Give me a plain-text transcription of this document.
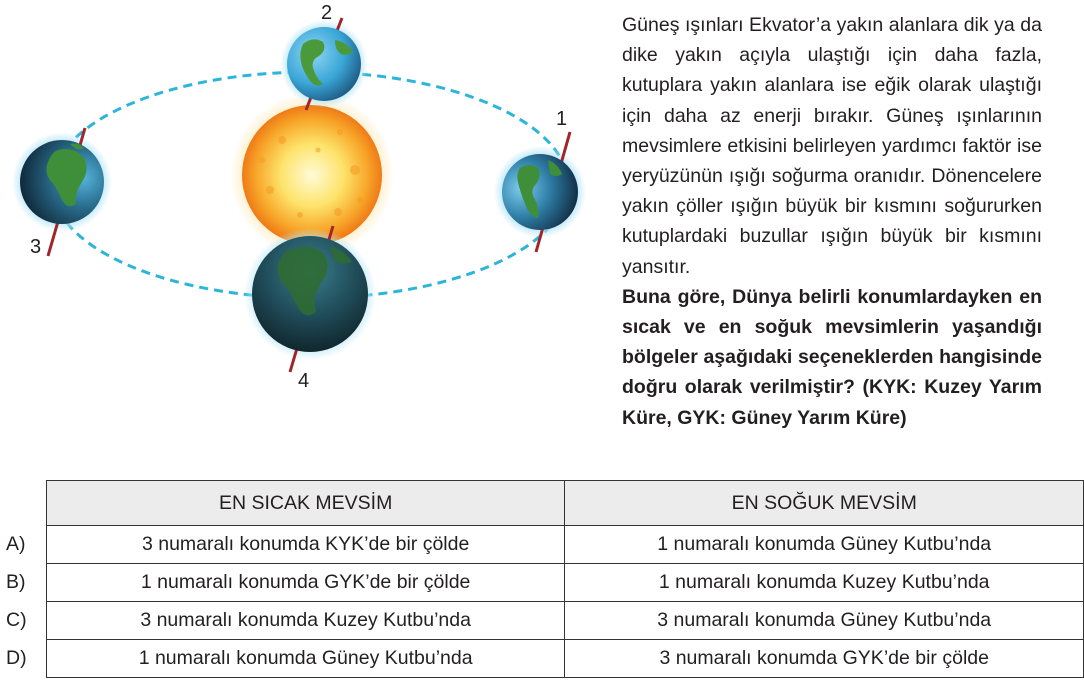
1
2
3
4

Güneş ışınları Ekvator’a yakın alanlara dik ya da dike yakın açıyla ulaştığı için daha fazla, kutuplara yakın alanlara ise eğik olarak ulaştığı için daha az enerji bırakır. Güneş ışınlarının mevsimlere etkisini belirleyen yardımcı faktör ise yeryüzünün ışığı soğurma oranıdır. Dönencelere yakın çöller ışığın büyük bir kısmını soğururken kutuplardaki buzullar ışığın büyük bir kısmını yansıtır.

Buna göre, Dünya belirli konumlardayken en sıcak ve en soğuk mevsimlerin yaşandığı bölgeler aşağıdaki seçeneklerden hangisinde doğru olarak verilmiştir? (KYK: Kuzey Yarım Küre, GYK: Güney Yarım Küre)

	EN SICAK MEVSİM	EN SOĞUK MEVSİM
A)	3 numaralı konumda KYK’de bir çölde	1 numaralı konumda Güney Kutbu’nda
B)	1 numaralı konumda GYK’de bir çölde	1 numaralı konumda Kuzey Kutbu’nda
C)	3 numaralı konumda Kuzey Kutbu’nda	3 numaralı konumda Güney Kutbu’nda
D)	1 numaralı konumda Güney Kutbu’nda	3 numaralı konumda GYK’de bir çölde
